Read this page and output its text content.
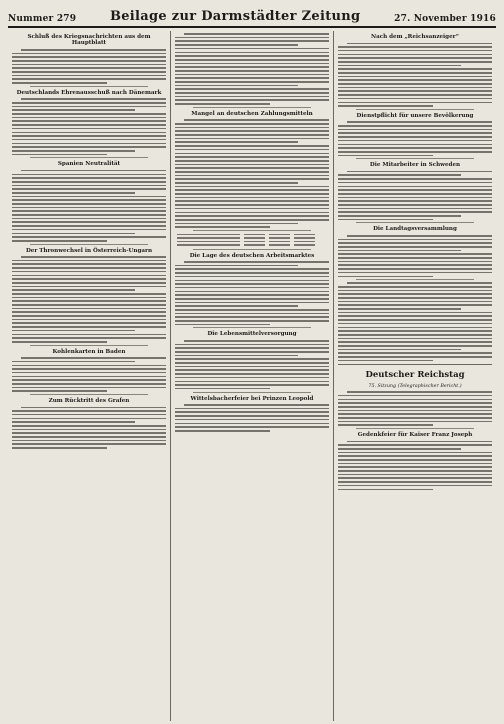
Nummer 279	Beilage zur Darmstädter Zeitung	27. November 1916
Schluß des Kriegsnachrichten aus dem Hauptblatt
Deutschlands Ehrenausschuß nach Dänemark
Spanien Neutralität
Der Thronwechsel in Österreich-Ungarn
Kohlenkarten in Baden
Zum Rücktritt des Grafen
Mangel an deutschen Zahlungsmitteln
Die Lage des deutschen Arbeitsmarktes
Die Lebensmittelversorgung
Wittelsbacherfeier bei Prinzen Leopold
Nach dem „Reichsanzeiger“
Dienstpflicht für unsere Bevölkerung
Die Mitarbeiter in Schweden
Die Landtagsversammlung
Deutscher Reichstag
75. Sitzung (Telegraphischer Bericht.)
Gedenkfeier für Kaiser Franz Joseph
